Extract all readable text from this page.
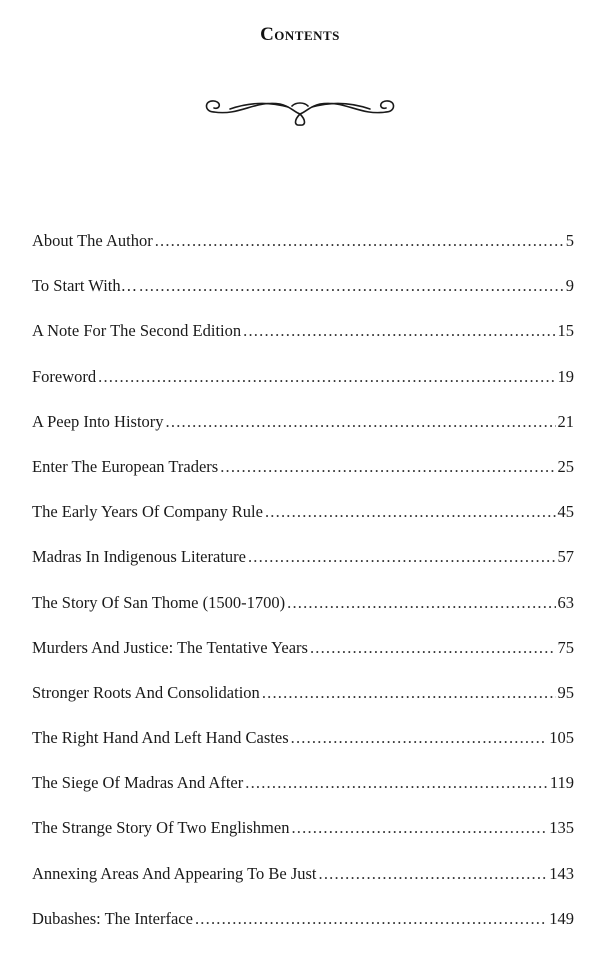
Contents
About The Author .....	5
To Start With… .....	9
A Note For The Second Edition .....	15
Foreword .....	19
A Peep Into History .....	21
Enter The European Traders .....	25
The Early Years Of Company Rule .....	45
Madras In Indigenous Literature .....	57
The Story Of San Thome (1500-1700) .....	63
Murders And Justice: The Tentative Years .....	75
Stronger Roots And Consolidation .....	95
The Right Hand And Left Hand Castes .....	105
The Siege Of Madras And After .....	119
The Strange Story Of Two Englishmen .....	135
Annexing Areas And Appearing To Be Just .....	143
Dubashes: The Interface .....	149
